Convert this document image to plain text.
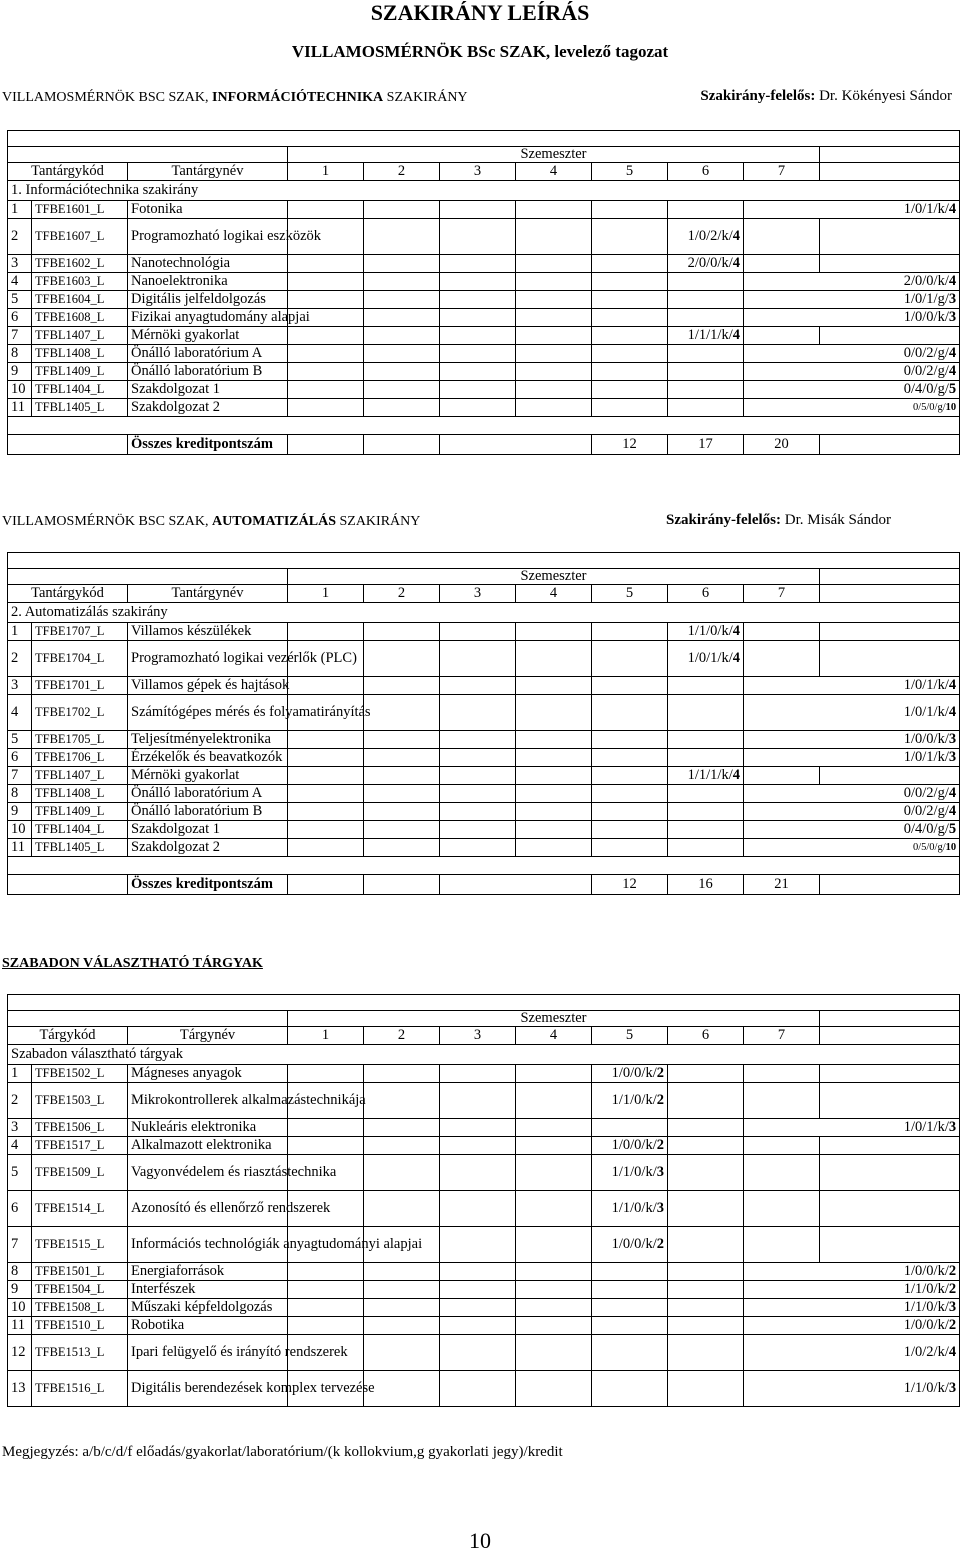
SZAKIRÁNY LEÍRÁS
VILLAMOSMÉRNÖK BSc SZAK, levelező tagozat
VILLAMOSMÉRNÖK BSC SZAK, INFORMÁCIÓTECHNIKA SZAKIRÁNY	Szakirány-felelős: Dr. Kökényesi Sándor

			Szemeszter							
Tantárgykód		Tantárgynév	1	2	3	4	5	6	7	
1. Információtechnika szakirány										
1	TFBE1601_L	Fotonika							1/0/1/k/4	
2	TFBE1607_L	Programozható logikai eszközök						1/0/2/k/4		
3	TFBE1602_L	Nanotechnológia						2/0/0/k/4		
4	TFBE1603_L	Nanoelektronika							2/0/0/k/4	
5	TFBE1604_L	Digitális jelfeldolgozás							1/0/1/g/3	
6	TFBE1608_L	Fizikai anyagtudomány alapjai							1/0/0/k/3	
7	TFBL1407_L	Mérnöki gyakorlat						1/1/1/k/4		
8	TFBL1408_L	Önálló laboratórium A							0/0/2/g/4	
9	TFBL1409_L	Önálló laboratórium B							0/0/2/g/4	
10	TFBL1404_L	Szakdolgozat 1							0/4/0/g/5	
11	TFBL1405_L	Szakdolgozat 2							0/5/0/g/10	

		Összes kreditpontszám					12	17	20	
VILLAMOSMÉRNÖK BSC SZAK, AUTOMATIZÁLÁS SZAKIRÁNY	Szakirány-felelős: Dr. Misák Sándor

			Szemeszter							
Tantárgykód		Tantárgynév	1	2	3	4	5	6	7	
2. Automatizálás szakirány										
1	TFBE1707_L	Villamos készülékek						1/1/0/k/4		
2	TFBE1704_L	Programozható logikai vezérlők (PLC)						1/0/1/k/4		
3	TFBE1701_L	Villamos gépek és hajtások							1/0/1/k/4	
4	TFBE1702_L	Számítógépes mérés és folyamatirányítás							1/0/1/k/4	
5	TFBE1705_L	Teljesítményelektronika							1/0/0/k/3	
6	TFBE1706_L	Érzékelők és beavatkozók							1/0/1/k/3	
7	TFBL1407_L	Mérnöki gyakorlat						1/1/1/k/4		
8	TFBL1408_L	Önálló laboratórium A							0/0/2/g/4	
9	TFBL1409_L	Önálló laboratórium B							0/0/2/g/4	
10	TFBL1404_L	Szakdolgozat 1							0/4/0/g/5	
11	TFBL1405_L	Szakdolgozat 2							0/5/0/g/10	

		Összes kreditpontszám					12	16	21	
SZABADON VÁLASZTHATÓ TÁRGYAK

			Szemeszter							
Tárgykód		Tárgynév	1	2	3	4	5	6	7	
Szabadon választható tárgyak										
1	TFBE1502_L	Mágneses anyagok					1/0/0/k/2			
2	TFBE1503_L	Mikrokontrollerek alkalmazástechnikája					1/1/0/k/2			
3	TFBE1506_L	Nukleáris elektronika							1/0/1/k/3	
4	TFBE1517_L	Alkalmazott elektronika					1/0/0/k/2			
5	TFBE1509_L	Vagyonvédelem és riasztástechnika					1/1/0/k/3			
6	TFBE1514_L	Azonosító és ellenőrző rendszerek					1/1/0/k/3			
7	TFBE1515_L	Információs technológiák anyagtudományi alapjai					1/0/0/k/2			
8	TFBE1501_L	Energiaforrások							1/0/0/k/2	
9	TFBE1504_L	Interfészek							1/1/0/k/2	
10	TFBE1508_L	Műszaki képfeldolgozás							1/1/0/k/3	
11	TFBE1510_L	Robotika							1/0/0/k/2	
12	TFBE1513_L	Ipari felügyelő és irányító rendszerek							1/0/2/k/4	
13	TFBE1516_L	Digitális berendezések komplex tervezése							1/1/0/k/3	
Megjegyzés: a/b/c/d/f előadás/gyakorlat/laboratórium/(k kollokvium,g gyakorlati jegy)/kredit
10
